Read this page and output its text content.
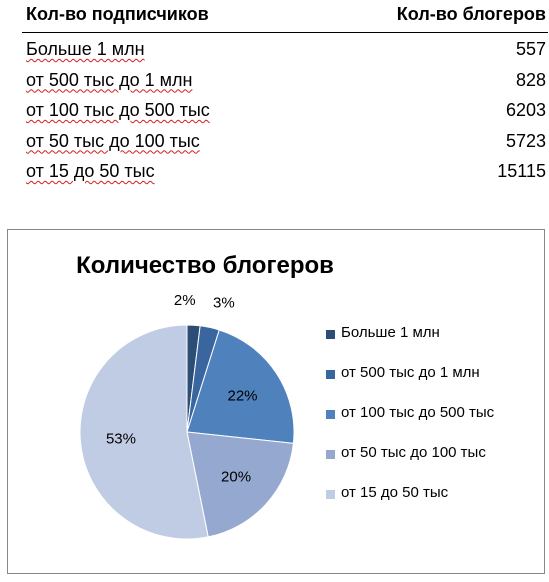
Кол-во подписчиков	Кол-во блогеров
Больше 1 млн	557
от 500 тыс до 1 млн	828
от 100 тыс до 500 тыс	6203
от 50 тыс до 100 тыс	5723
от 15 до 50 тыс	15115
Количество блогеров
2% 3%
22%
20%
53%
Больше 1 млн
от 500 тыс до 1 млн
от 100 тыс до 500 тыс
от 50 тыс до 100 тыс
от 15 до 50 тыс
